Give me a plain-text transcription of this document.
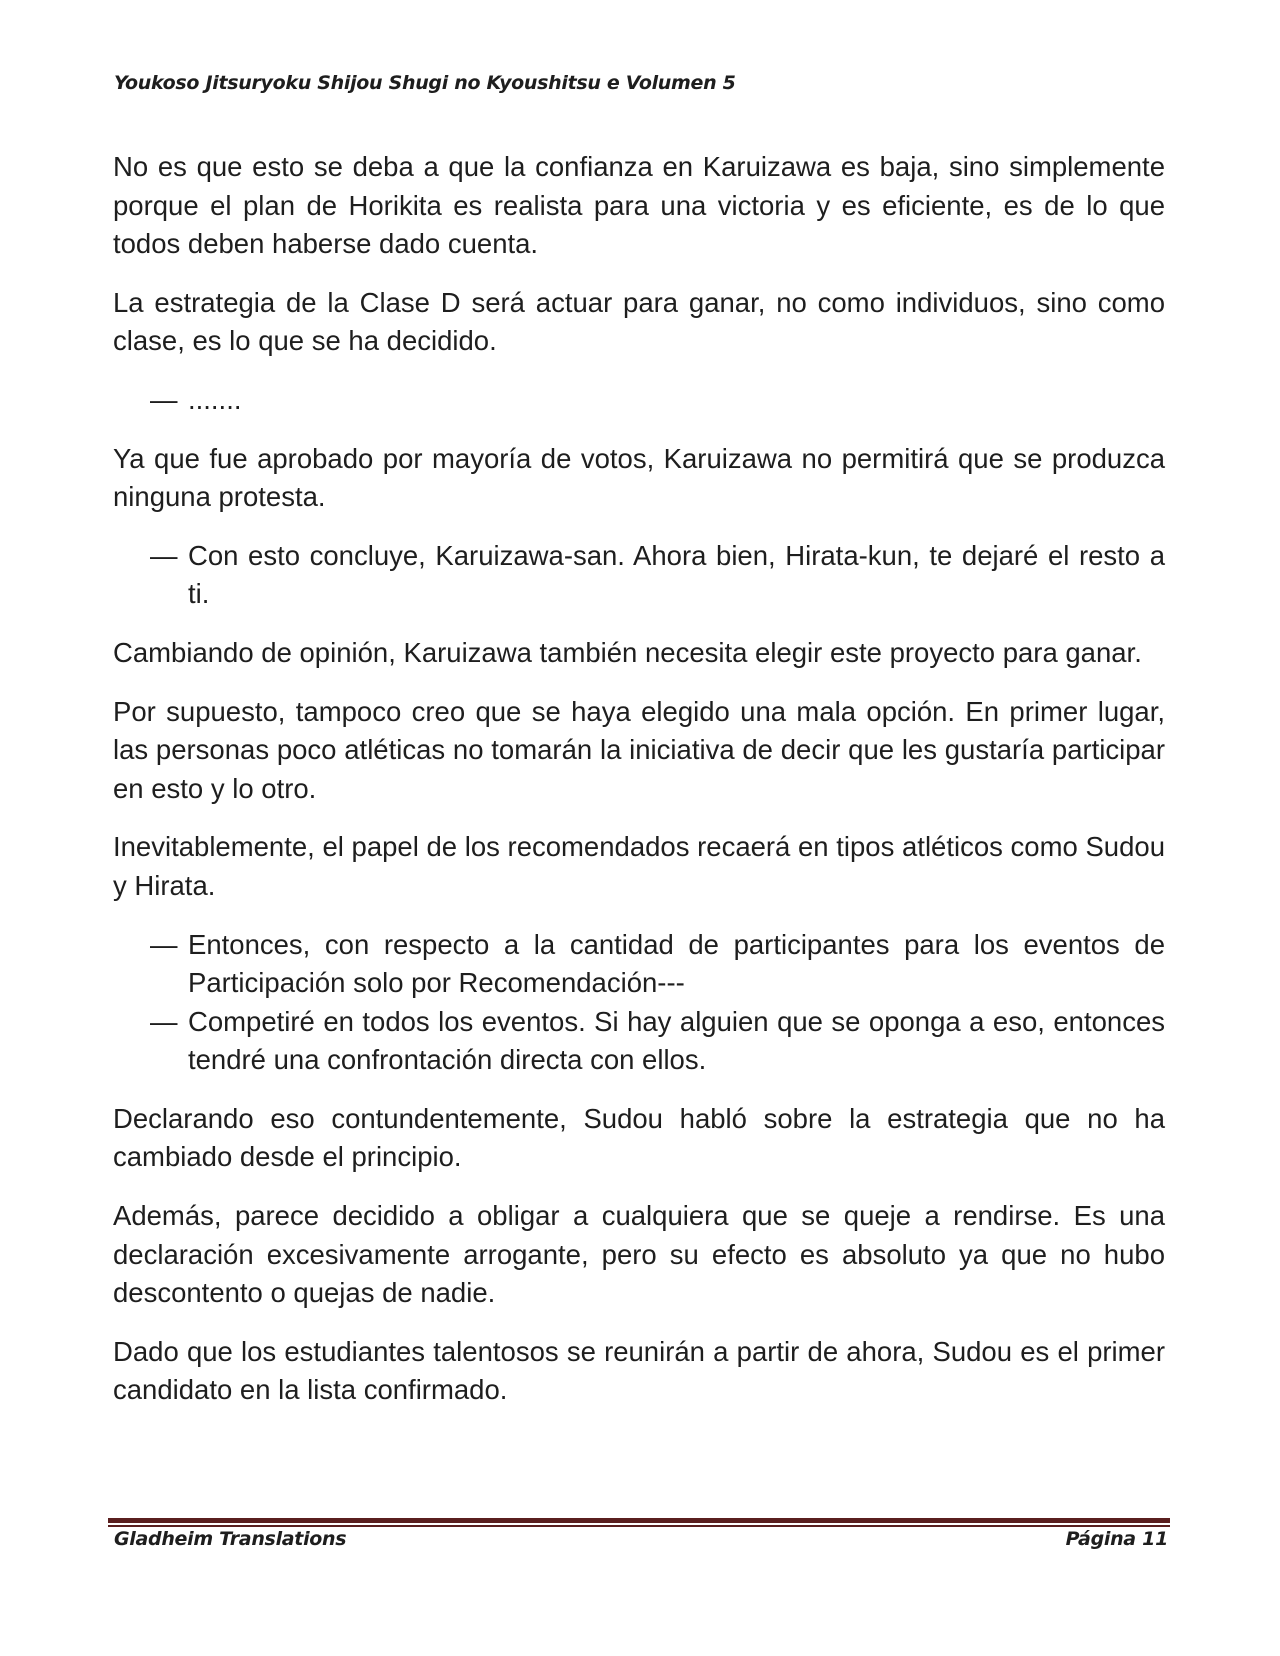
Youkoso Jitsuryoku Shijou Shugi no Kyoushitsu e Volumen 5

No es que esto se deba a que la confianza en Karuizawa es baja, sino simplemente porque el plan de Horikita es realista para una victoria y es eficiente, es de lo que todos deben haberse dado cuenta.

La estrategia de la Clase D será actuar para ganar, no como individuos, sino como clase, es lo que se ha decidido.

— .......

Ya que fue aprobado por mayoría de votos, Karuizawa no permitirá que se produzca ninguna protesta.

— Con esto concluye, Karuizawa-san. Ahora bien, Hirata-kun, te dejaré el resto a ti.

Cambiando de opinión, Karuizawa también necesita elegir este proyecto para ganar.

Por supuesto, tampoco creo que se haya elegido una mala opción. En primer lugar, las personas poco atléticas no tomarán la iniciativa de decir que les gustaría participar en esto y lo otro.

Inevitablemente, el papel de los recomendados recaerá en tipos atléticos como Sudou y Hirata.

— Entonces, con respecto a la cantidad de participantes para los eventos de Participación solo por Recomendación---
— Competiré en todos los eventos. Si hay alguien que se oponga a eso, entonces tendré una confrontación directa con ellos.

Declarando eso contundentemente, Sudou habló sobre la estrategia que no ha cambiado desde el principio.

Además, parece decidido a obligar a cualquiera que se queje a rendirse. Es una declaración excesivamente arrogante, pero su efecto es absoluto ya que no hubo descontento o quejas de nadie.

Dado que los estudiantes talentosos se reunirán a partir de ahora, Sudou es el primer candidato en la lista confirmado.

Gladheim Translations	Página 11
